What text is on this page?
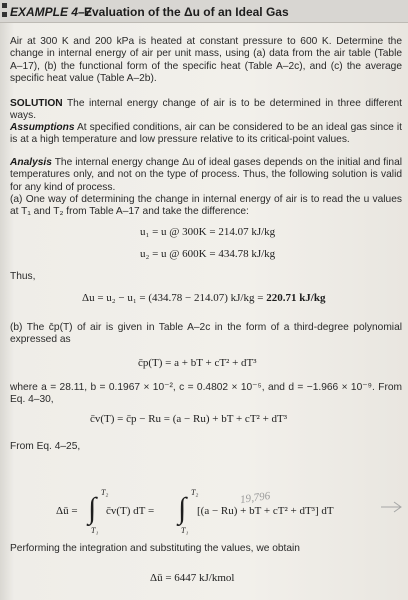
EXAMPLE 4–7
Evaluation of the Δu of an Ideal Gas

Air at 300 K and 200 kPa is heated at constant pressure to 600 K. Determine the change in internal energy of air per unit mass, using (a) data from the air table (Table A–17), (b) the functional form of the specific heat (Table A–2c), and (c) the average specific heat value (Table A–2b).

SOLUTION The internal energy change of air is to be determined in three different ways.

Assumptions At specified conditions, air can be considered to be an ideal gas since it is at a high temperature and low pressure relative to its critical-point values.

Analysis The internal energy change Δu of ideal gases depends on the initial and final temperatures only, and not on the type of process. Thus, the following solution is valid for any kind of process.

(a) One way of determining the change in internal energy of air is to read the u values at T₁ and T₂ from Table A–17 and take the difference:

u₁ = u @ 300K = 214.07 kJ/kg
u₂ = u @ 600K = 434.78 kJ/kg
Thus,
Δu = u₂ − u₁ = (434.78 − 214.07) kJ/kg = 220.71 kJ/kg

(b) The c̄p(T) of air is given in Table A–2c in the form of a third-degree polynomial expressed as

c̄p(T) = a + bT + cT² + dT³

where a = 28.11, b = 0.1967 × 10⁻², c = 0.4802 × 10⁻⁵, and d = −1.966 × 10⁻⁹. From Eq. 4–30,

c̄v(T) = c̄p − Ru = (a − Ru) + bT + cT² + dT³
From Eq. 4–25,
19,796
Δū = ∫ T₂
T₁
c̄v(T) dT = ∫ T₂
T₁
[(a − Ru) + bT + cT² + dT³] dT

Performing the integration and substituting the values, we obtain

Δū = 6447 kJ/kmol
